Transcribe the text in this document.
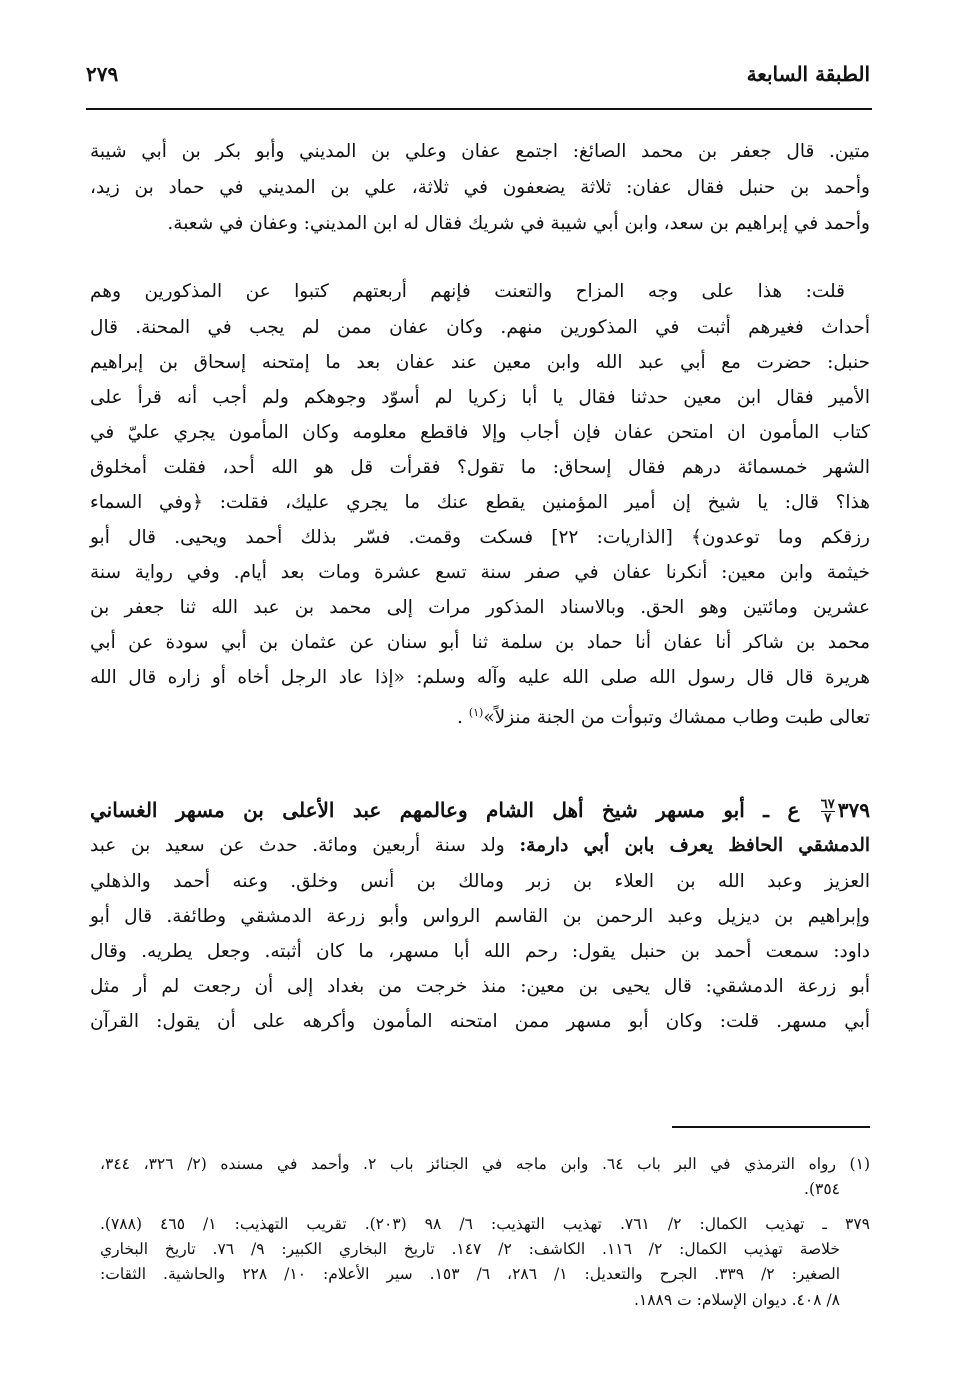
٢٧٩	الطبقة السابعة
متين. قال جعفر بن محمد الصائغ: اجتمع عفان وعلي بن المديني وأبو بكر بن أبي شيبة
وأحمد بن حنبل فقال عفان: ثلاثة يضعفون في ثلاثة، علي بن المديني في حماد بن زيد،
وأحمد في إبراهيم بن سعد، وابن أبي شيبة في شريك فقال له ابن المديني: وعفان في شعبة.
قلت: هذا على وجه المزاح والتعنت فإنهم أربعتهم كتبوا عن المذكورين وهم
أحداث فغيرهم أثبت في المذكورين منهم. وكان عفان ممن لم يجب في المحنة. قال
حنبل: حضرت مع أبي عبد الله وابن معين عند عفان بعد ما إمتحنه إسحاق بن إبراهيم
الأمير فقال ابن معين حدثنا فقال يا أبا زكريا لم أسوّد وجوهكم ولم أجب أنه قرأ على
كتاب المأمون ان امتحن عفان فإن أجاب وإلا فاقطع معلومه وكان المأمون يجري عليّ في
الشهر خمسمائة درهم فقال إسحاق: ما تقول؟ فقرأت قل هو الله أحد، فقلت أمخلوق
هذا؟ قال: يا شيخ إن أمير المؤمنين يقطع عنك ما يجري عليك، فقلت: ﴿وفي السماء
رزقكم وما توعدون﴾ [الذاريات: ٢٢] فسكت وقمت. فسّر بذلك أحمد ويحيى. قال أبو
خيثمة وابن معين: أنكرنا عفان في صفر سنة تسع عشرة ومات بعد أيام. وفي رواية سنة
عشرين ومائتين وهو الحق. وبالاسناد المذكور مرات إلى محمد بن عبد الله ثنا جعفر بن
محمد بن شاكر أنا عفان أنا حماد بن سلمة ثنا أبو سنان عن عثمان بن أبي سودة عن أبي
هريرة قال قال رسول الله صلى الله عليه وآله وسلم: «إذا عاد الرجل أخاه أو زاره قال الله
تعالى طبت وطاب ممشاك وتبوأت من الجنة منزلاً»$^{(١)}$ .
٣٧٩
٦٧
٧
ع ـ أبو مسهر شيخ أهل الشام وعالمهم عبد الأعلى بن مسهر الغساني
الدمشقي الحافظ يعرف بابن أبي دارمة: ولد سنة أربعين ومائة. حدث عن سعيد بن عبد
العزيز وعبد الله بن العلاء بن زبر ومالك بن أنس وخلق. وعنه أحمد والذهلي
وإبراهيم بن ديزيل وعبد الرحمن بن القاسم الرواس وأبو زرعة الدمشقي وطائفة. قال أبو
داود: سمعت أحمد بن حنبل يقول: رحم الله أبا مسهر، ما كان أثبته. وجعل يطريه. وقال
أبو زرعة الدمشقي: قال يحيى بن معين: منذ خرجت من بغداد إلى أن رجعت لم أر مثل
أبي مسهر. قلت: وكان أبو مسهر ممن امتحنه المأمون وأكرهه على أن يقول: القرآن
(١) رواه الترمذي في البر باب ٦٤. وابن ماجه في الجنائز باب ٢. وأحمد في مسنده (٢/ ٣٢٦، ٣٤٤،
٣٥٤).
٣٧٩ ـ تهذيب الكمال: ٢/ ٧٦١. تهذيب التهذيب: ٦/ ٩٨ (٢٠٣). تقريب التهذيب: ١/ ٤٦٥ (٧٨٨).
خلاصة تهذيب الكمال: ٢/ ١١٦. الكاشف: ٢/ ١٤٧. تاريخ البخاري الكبير: ٩/ ٧٦. تاريخ البخاري
الصغير: ٢/ ٣٣٩. الجرح والتعديل: ١/ ٢٨٦، ٦/ ١٥٣. سير الأعلام: ١٠/ ٢٢٨ والحاشية. الثقات:
٨/ ٤٠٨. ديوان الإسلام: ت ١٨٨٩.
